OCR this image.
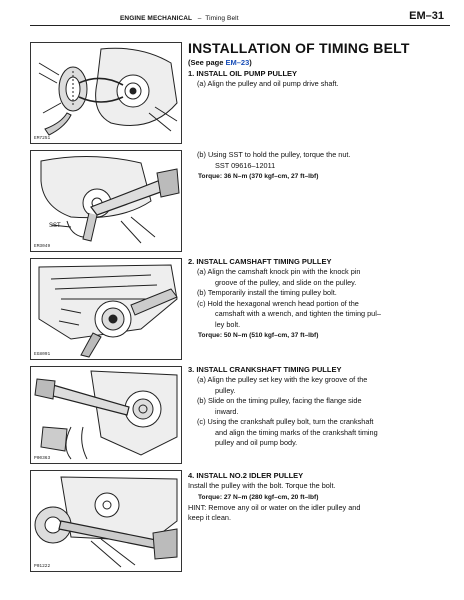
ENGINE MECHANICAL – Timing Belt	EM–31
EM7251
SST
EM3049
EG8091
P00363
P01222
INSTALLATION OF TIMING BELT
(See page EM–23)
1. INSTALL OIL PUMP PULLEY
(a) Align the pulley and oil pump drive shaft.
(b) Using SST to hold the pulley, torque the nut.
SST 09616–12011
Torque: 36 N–m (370 kgf–cm, 27 ft–lbf)
2. INSTALL CAMSHAFT TIMING PULLEY
(a) Align the camshaft knock pin with the knock pin
groove of the pulley, and slide on the pulley.
(b) Temporarily install the timing pulley bolt.
(c) Hold the hexagonal wrench head portion of the
camshaft with a wrench, and tighten the timing pul–
ley bolt.
Torque: 50 N–m (510 kgf–cm, 37 ft–lbf)
3. INSTALL CRANKSHAFT TIMING PULLEY
(a) Align the pulley set key with the key groove of the
pulley.
(b) Slide on the timing pulley, facing the flange side
inward.
(c) Using the crankshaft pulley bolt, turn the crankshaft
and align the timing marks of the crankshaft timing
pulley and oil pump body.
4. INSTALL NO.2 IDLER PULLEY
Install the pulley with the bolt. Torque the bolt.
Torque: 27 N–m (280 kgf–cm, 20 ft–lbf)
HINT: Remove any oil or water on the idler pulley and
keep it clean.
